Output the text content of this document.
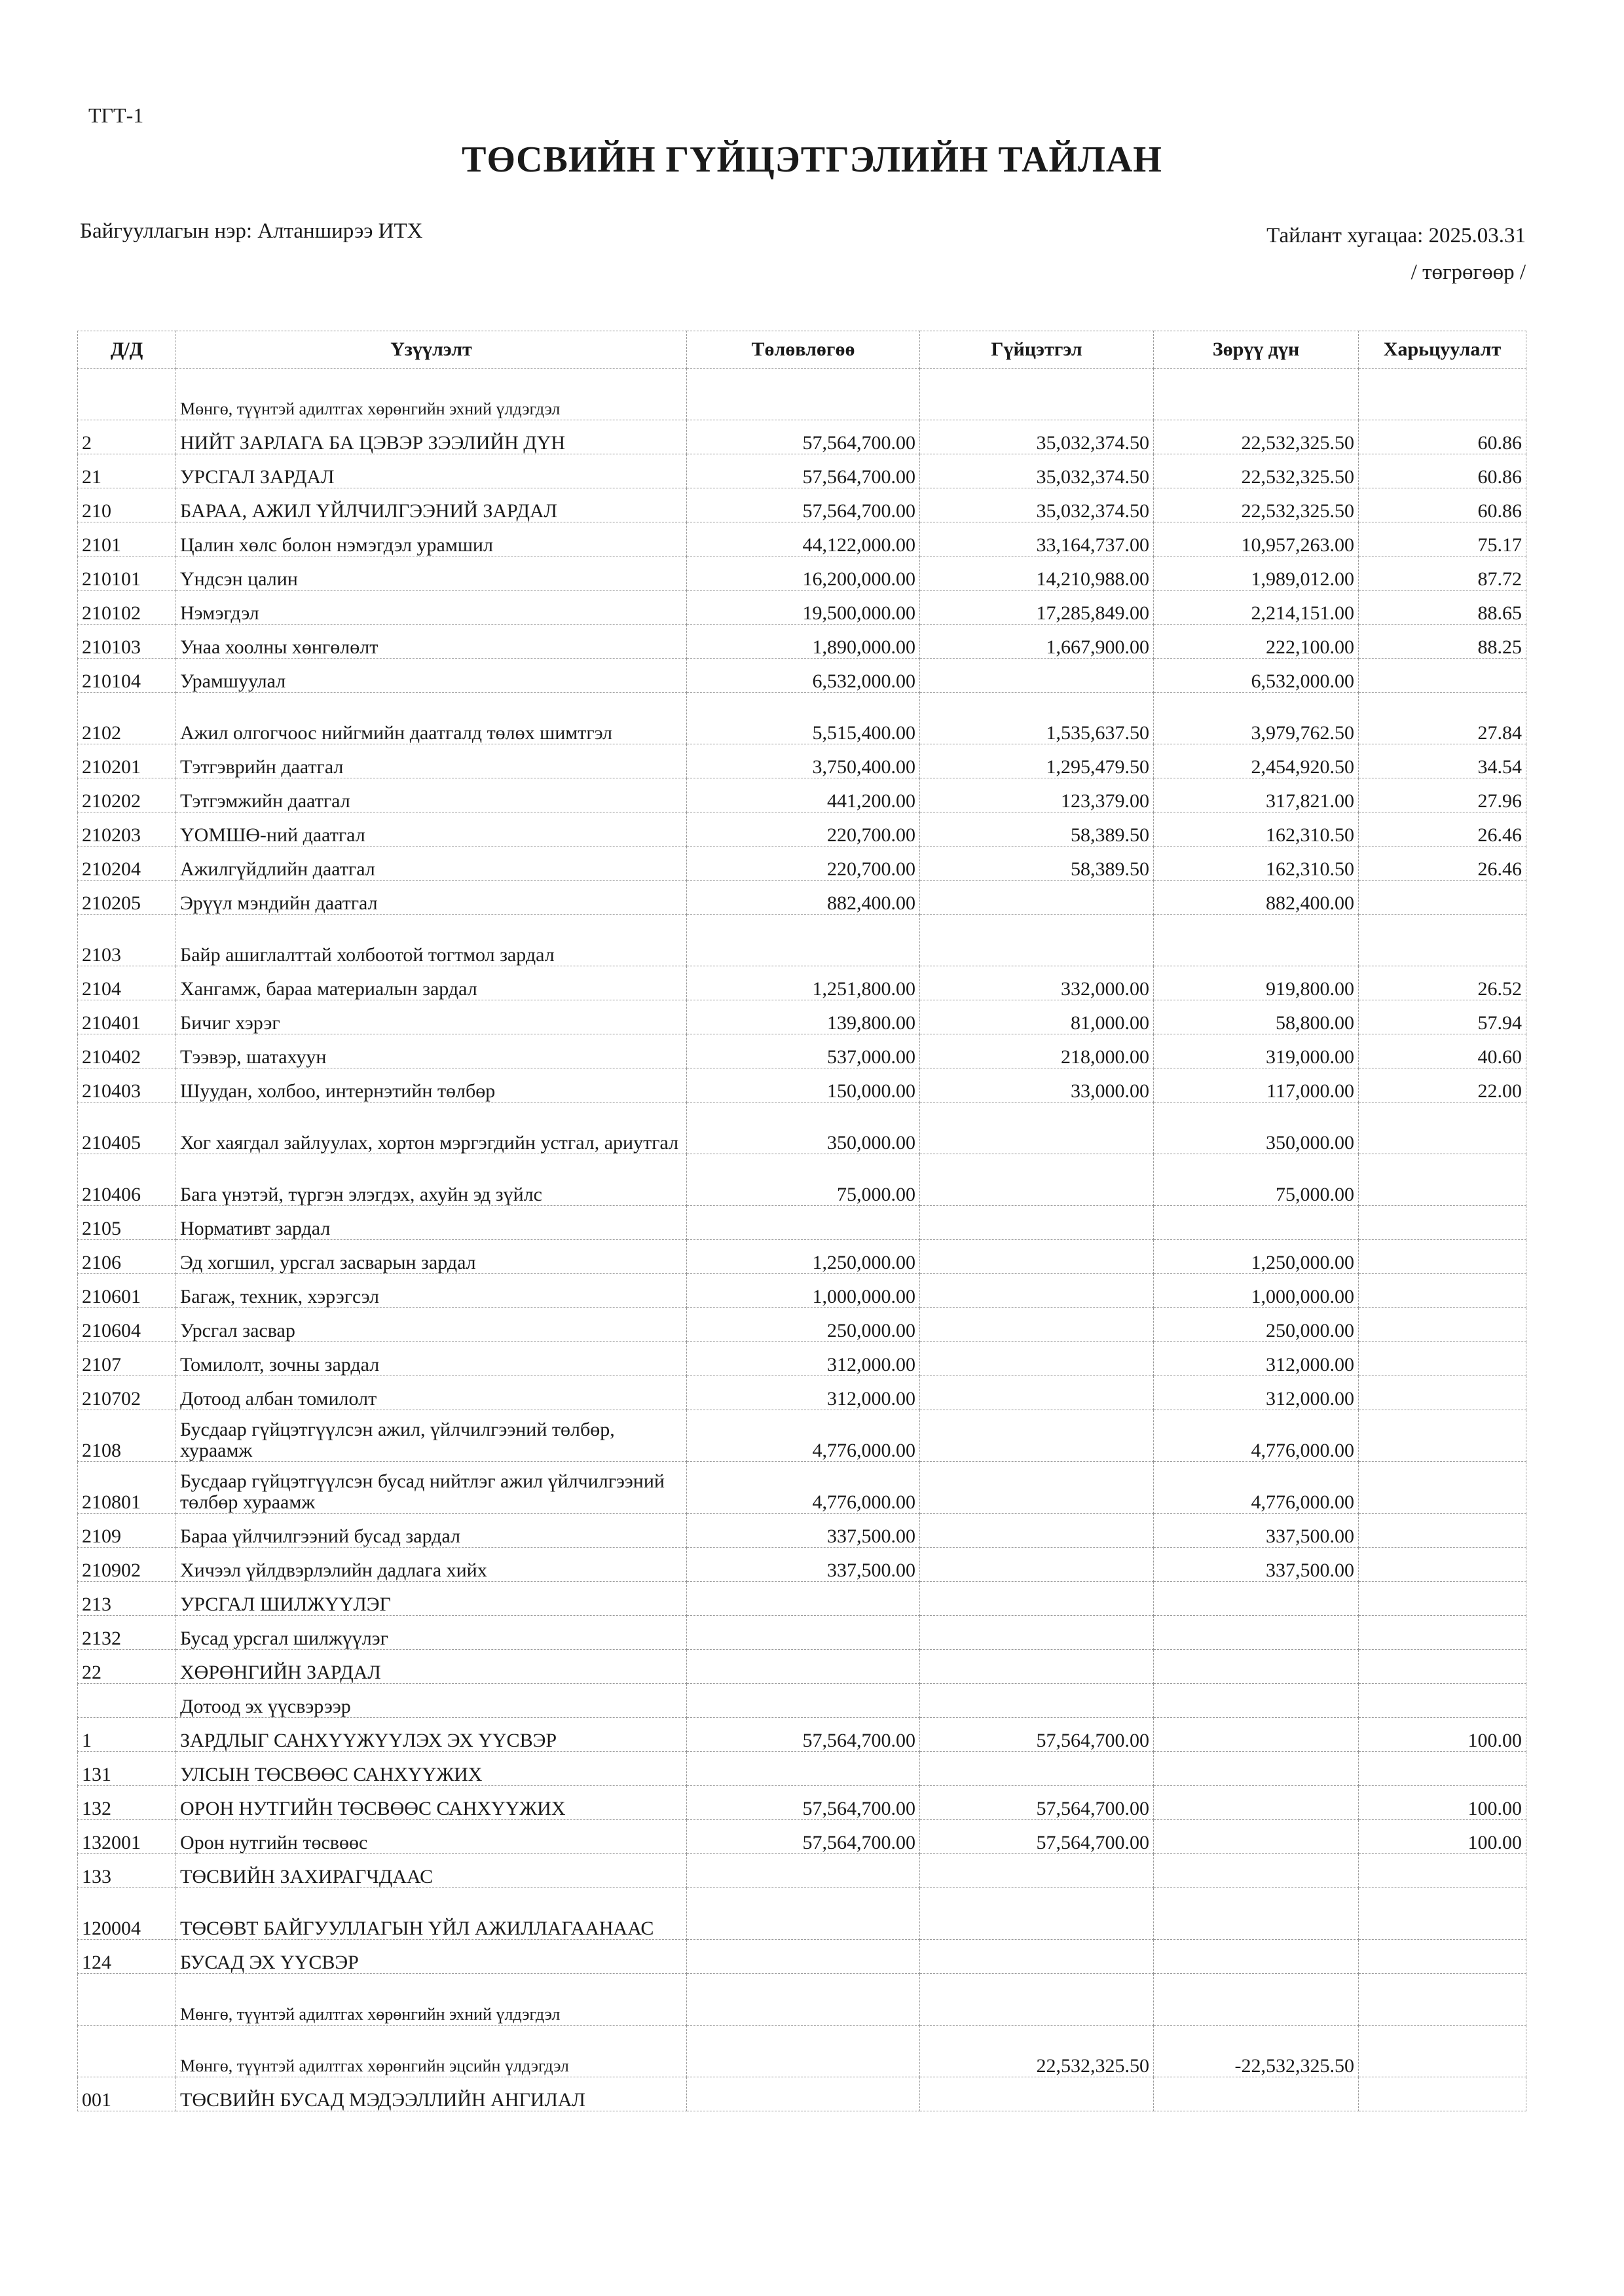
ТГТ-1
ТӨСВИЙН ГҮЙЦЭТГЭЛИЙН ТАЙЛАН
Байгууллагын нэр: Алтанширээ ИТХ	Тайлант хугацаа: 2025.03.31
/ төгрөгөөр /
Д/Д	Үзүүлэлт	Төлөвлөгөө	Гүйцэтгэл	Зөрүү дүн	Харьцуулалт
	Мөнгө, түүнтэй адилтгах хөрөнгийн эхний үлдэгдэл				
2	НИЙТ ЗАРЛАГА БА ЦЭВЭР ЗЭЭЛИЙН ДҮН	57,564,700.00	35,032,374.50	22,532,325.50	60.86
21	УРСГАЛ ЗАРДАЛ	57,564,700.00	35,032,374.50	22,532,325.50	60.86
210	БАРАА, АЖИЛ ҮЙЛЧИЛГЭЭНИЙ ЗАРДАЛ	57,564,700.00	35,032,374.50	22,532,325.50	60.86
2101	Цалин хөлс болон нэмэгдэл урамшил	44,122,000.00	33,164,737.00	10,957,263.00	75.17
210101	Үндсэн цалин	16,200,000.00	14,210,988.00	1,989,012.00	87.72
210102	Нэмэгдэл	19,500,000.00	17,285,849.00	2,214,151.00	88.65
210103	Унаа хоолны хөнгөлөлт	1,890,000.00	1,667,900.00	222,100.00	88.25
210104	Урамшуулал	6,532,000.00		6,532,000.00	
2102	Ажил олгогчоос нийгмийн даатгалд төлөх шимтгэл	5,515,400.00	1,535,637.50	3,979,762.50	27.84
210201	Тэтгэврийн даатгал	3,750,400.00	1,295,479.50	2,454,920.50	34.54
210202	Тэтгэмжийн даатгал	441,200.00	123,379.00	317,821.00	27.96
210203	ҮОМШӨ-ний даатгал	220,700.00	58,389.50	162,310.50	26.46
210204	Ажилгүйдлийн даатгал	220,700.00	58,389.50	162,310.50	26.46
210205	Эрүүл мэндийн даатгал	882,400.00		882,400.00	
2103	Байр ашиглалттай холбоотой тогтмол зардал				
2104	Хангамж, бараа материалын зардал	1,251,800.00	332,000.00	919,800.00	26.52
210401	Бичиг хэрэг	139,800.00	81,000.00	58,800.00	57.94
210402	Тээвэр, шатахуун	537,000.00	218,000.00	319,000.00	40.60
210403	Шуудан, холбоо, интернэтийн төлбөр	150,000.00	33,000.00	117,000.00	22.00
210405	Хог хаягдал зайлуулах, хортон мэргэгдийн устгал, ариутгал	350,000.00		350,000.00	
210406	Бага үнэтэй, түргэн элэгдэх, ахуйн эд зүйлс	75,000.00		75,000.00	
2105	Нормативт зардал				
2106	Эд хогшил, урсгал засварын зардал	1,250,000.00		1,250,000.00	
210601	Багаж, техник, хэрэгсэл	1,000,000.00		1,000,000.00	
210604	Урсгал засвар	250,000.00		250,000.00	
2107	Томилолт, зочны зардал	312,000.00		312,000.00	
210702	Дотоод албан томилолт	312,000.00		312,000.00	
2108	Бусдаар гүйцэтгүүлсэн ажил, үйлчилгээний төлбөр, хураамж	4,776,000.00		4,776,000.00	
210801	Бусдаар гүйцэтгүүлсэн бусад нийтлэг ажил үйлчилгээний төлбөр хураамж	4,776,000.00		4,776,000.00	
2109	Бараа үйлчилгээний бусад зардал	337,500.00		337,500.00	
210902	Хичээл үйлдвэрлэлийн дадлага хийх	337,500.00		337,500.00	
213	УРСГАЛ ШИЛЖҮҮЛЭГ				
2132	Бусад урсгал шилжүүлэг				
22	ХӨРӨНГИЙН ЗАРДАЛ				
	Дотоод эх үүсвэрээр				
1	ЗАРДЛЫГ САНХҮҮЖҮҮЛЭХ ЭХ ҮҮСВЭР	57,564,700.00	57,564,700.00		100.00
131	УЛСЫН ТӨСВӨӨС САНХҮҮЖИХ				
132	ОРОН НУТГИЙН ТӨСВӨӨС САНХҮҮЖИХ	57,564,700.00	57,564,700.00		100.00
132001	Орон нутгийн төсвөөс	57,564,700.00	57,564,700.00		100.00
133	ТӨСВИЙН ЗАХИРАГЧДААС				
120004	ТӨСӨВТ БАЙГУУЛЛАГЫН ҮЙЛ АЖИЛЛАГААНААС				
124	БУСАД ЭХ ҮҮСВЭР				
	Мөнгө, түүнтэй адилтгах хөрөнгийн эхний үлдэгдэл				
	Мөнгө, түүнтэй адилтгах хөрөнгийн эцсийн үлдэгдэл		22,532,325.50	-22,532,325.50	
001	ТӨСВИЙН БУСАД МЭДЭЭЛЛИЙН АНГИЛАЛ				
